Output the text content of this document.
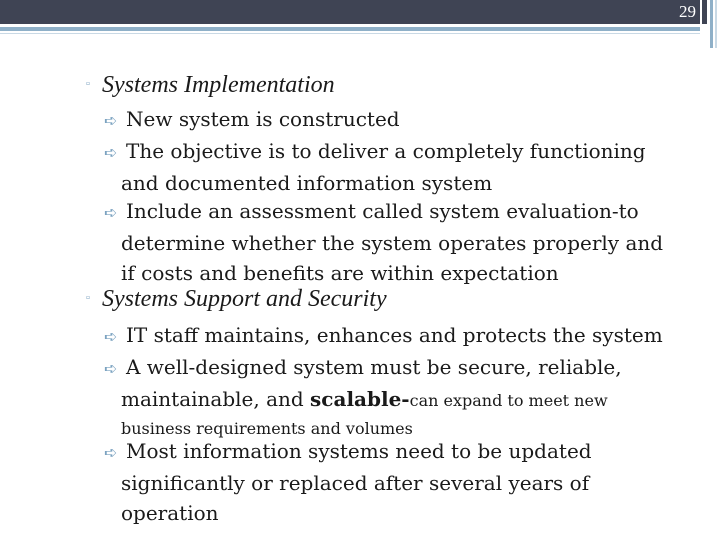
29
▫ Systems Implementation
➪ New system is constructed
➪ The objective is to deliver a completely functioning
and documented information system
➪ Include an assessment called system evaluation-to
determine whether the system operates properly and
if costs and benefits are within expectation
▫ Systems Support and Security
➪ IT staff maintains, enhances and protects the system
➪ A well-designed system must be secure, reliable,
maintainable, and scalable-can expand to meet new
business requirements and volumes
➪ Most information systems need to be updated
significantly or replaced after several years of
operation
